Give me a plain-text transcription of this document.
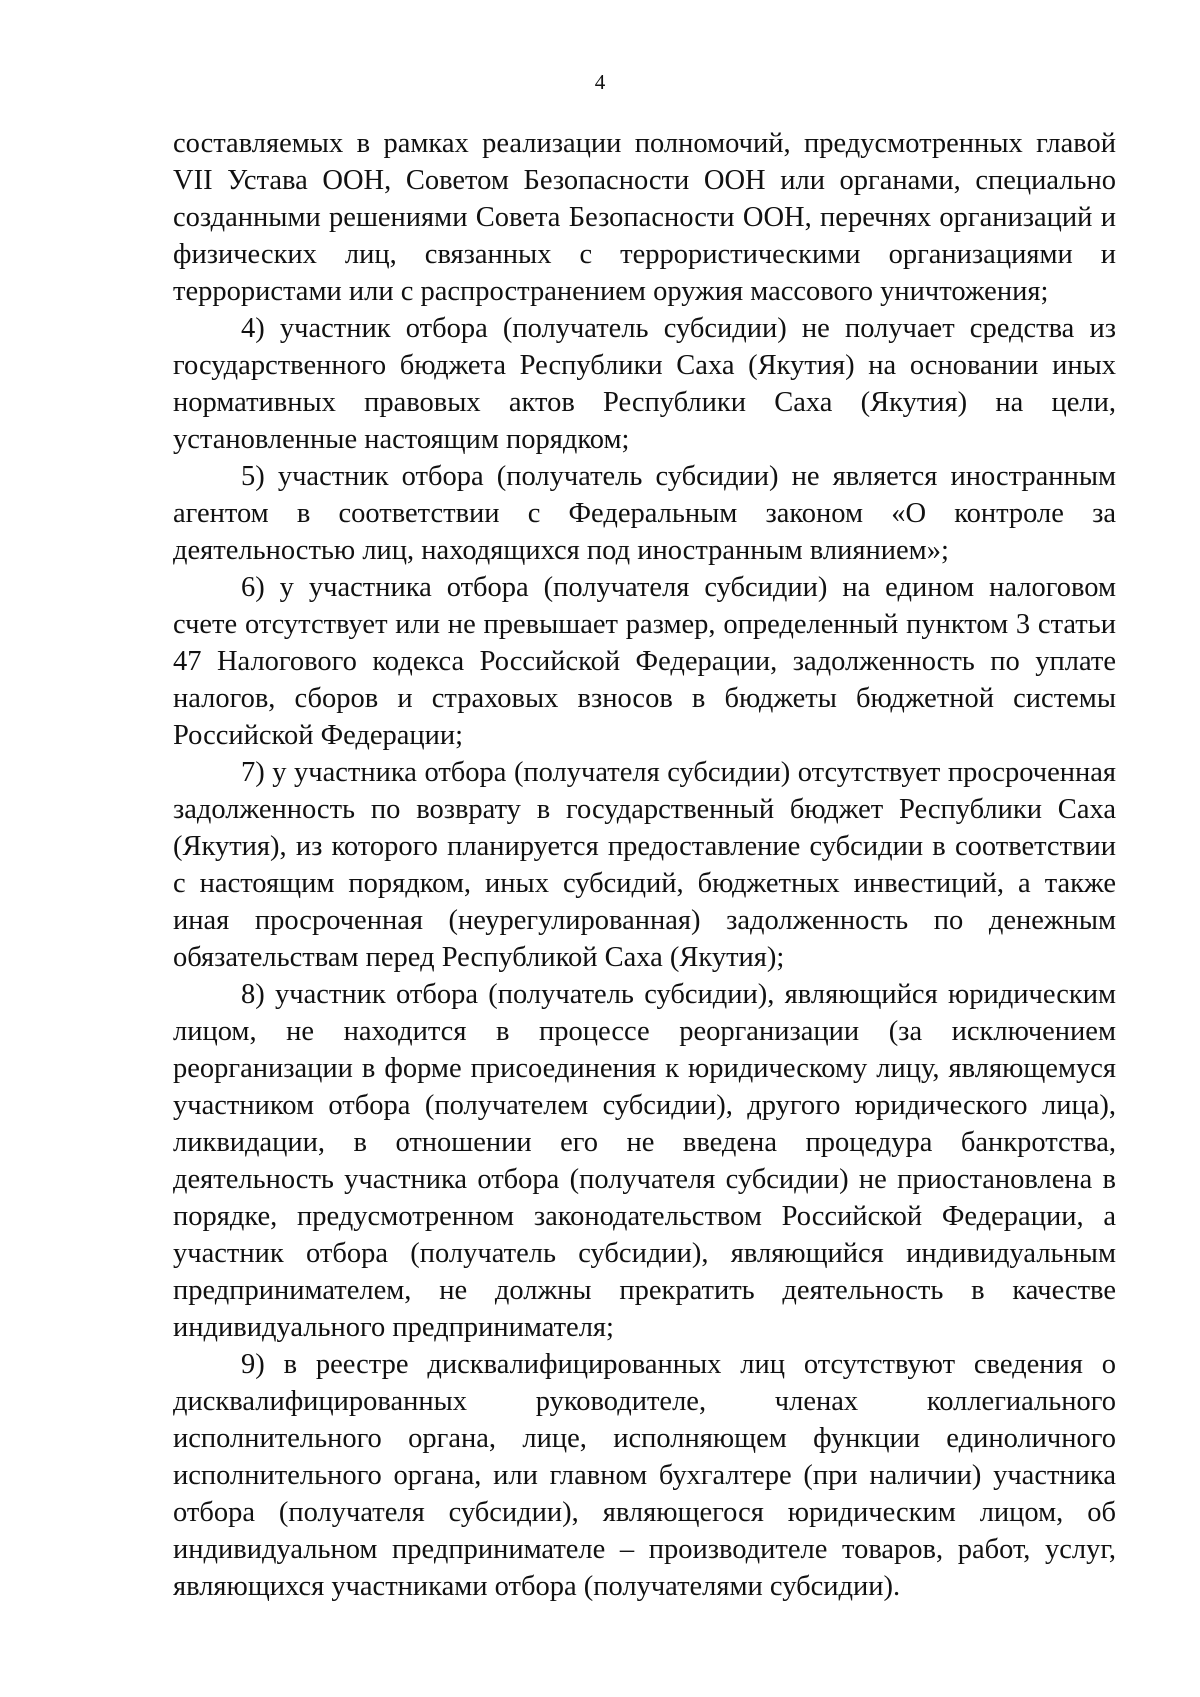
4

составляемых в рамках реализации полномочий, предусмотренных главой VII Устава ООН, Советом Безопасности ООН или органами, специально созданными решениями Совета Безопасности ООН, перечнях организаций и физических лиц, связанных с террористическими организациями и террористами или с распространением оружия массового уничтожения;

4) участник отбора (получатель субсидии) не получает средства из государственного бюджета Республики Саха (Якутия) на основании иных нормативных правовых актов Республики Саха (Якутия) на цели, установленные настоящим порядком;

5) участник отбора (получатель субсидии) не является иностранным агентом в соответствии с Федеральным законом «О контроле за деятельностью лиц, находящихся под иностранным влиянием»;

6) у участника отбора (получателя субсидии) на едином налоговом счете отсутствует или не превышает размер, определенный пунктом 3 статьи 47 Налогового кодекса Российской Федерации, задолженность по уплате налогов, сборов и страховых взносов в бюджеты бюджетной системы Российской Федерации;

7) у участника отбора (получателя субсидии) отсутствует просроченная задолженность по возврату в государственный бюджет Республики Саха (Якутия), из которого планируется предоставление субсидии в соответствии с настоящим порядком, иных субсидий, бюджетных инвестиций, а также иная просроченная (неурегулированная) задолженность по денежным обязательствам перед Республикой Саха (Якутия);

8) участник отбора (получатель субсидии), являющийся юридическим лицом, не находится в процессе реорганизации (за исключением реорганизации в форме присоединения к юридическому лицу, являющемуся участником отбора (получателем субсидии), другого юридического лица), ликвидации, в отношении его не введена процедура банкротства, деятельность участника отбора (получателя субсидии) не приостановлена в порядке, предусмотренном законодательством Российской Федерации, а участник отбора (получатель субсидии), являющийся индивидуальным предпринимателем, не должны прекратить деятельность в качестве индивидуального предпринимателя;

9) в реестре дисквалифицированных лиц отсутствуют сведения о дисквалифицированных руководителе, членах коллегиального исполнительного органа, лице, исполняющем функции единоличного исполнительного органа, или главном бухгалтере (при наличии) участника отбора (получателя субсидии), являющегося юридическим лицом, об индивидуальном предпринимателе – производителе товаров, работ, услуг, являющихся участниками отбора (получателями субсидии).
